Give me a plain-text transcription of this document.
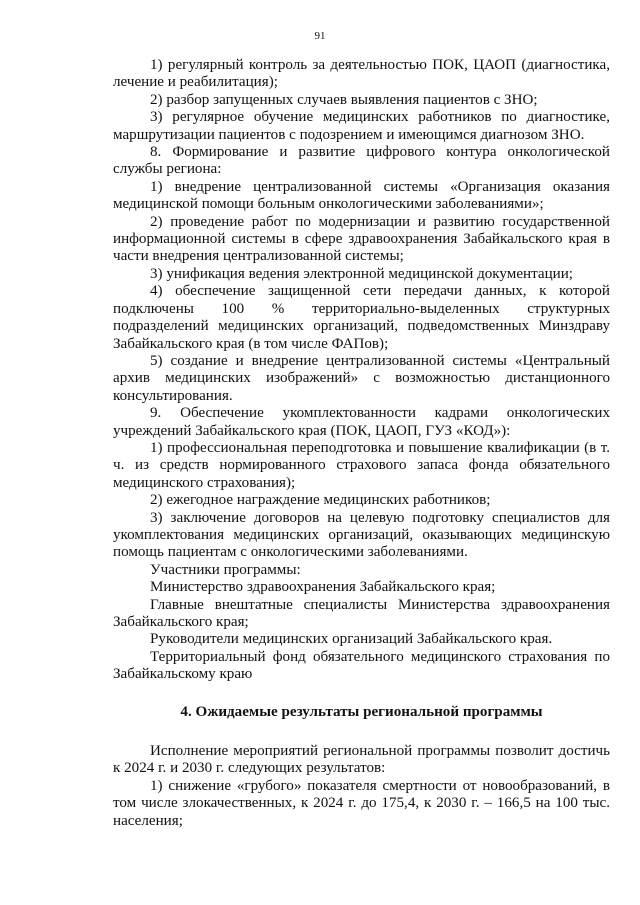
91

1) регулярный контроль за деятельностью ПОК, ЦАОП (диагностика, лечение и реабилитация);

2) разбор запущенных случаев выявления пациентов с ЗНО;

3) регулярное обучение медицинских работников по диагностике, маршрутизации пациентов с подозрением и имеющимся диагнозом ЗНО.

8. Формирование и развитие цифрового контура онкологической службы региона:

1) внедрение централизованной системы «Организация оказания медицинской помощи больным онкологическими заболеваниями»;

2) проведение работ по модернизации и развитию государственной информационной системы в сфере здравоохранения Забайкальского края в части внедрения централизованной системы;

3) унификация ведения электронной медицинской документации;

4) обеспечение защищенной сети передачи данных, к которой подключены 100 % территориально-выделенных структурных подразделений медицинских организаций, подведомственных Минздраву Забайкальского края (в том числе ФАПов);

5) создание и внедрение централизованной системы «Центральный архив медицинских изображений» с возможностью дистанционного консультирования.

9. Обеспечение укомплектованности кадрами онкологических учреждений Забайкальского края (ПОК, ЦАОП, ГУЗ «КОД»):

1) профессиональная переподготовка и повышение квалификации (в т. ч. из средств нормированного страхового запаса фонда обязательного медицинского страхования);

2) ежегодное награждение медицинских работников;

3) заключение договоров на целевую подготовку специалистов для укомплектования медицинских организаций, оказывающих медицинскую помощь пациентам с онкологическими заболеваниями.

Участники программы:

Министерство здравоохранения Забайкальского края;

Главные внештатные специалисты Министерства здравоохранения Забайкальского края;

Руководители медицинских организаций Забайкальского края.

Территориальный фонд обязательного медицинского страхования по Забайкальскому краю

4. Ожидаемые результаты региональной программы

Исполнение мероприятий региональной программы позволит достичь к 2024 г. и 2030 г. следующих результатов:

1) снижение «грубого» показателя смертности от новообразований, в том числе злокачественных, к 2024 г. до 175,4, к 2030 г. – 166,5 на 100 тыс. населения;
